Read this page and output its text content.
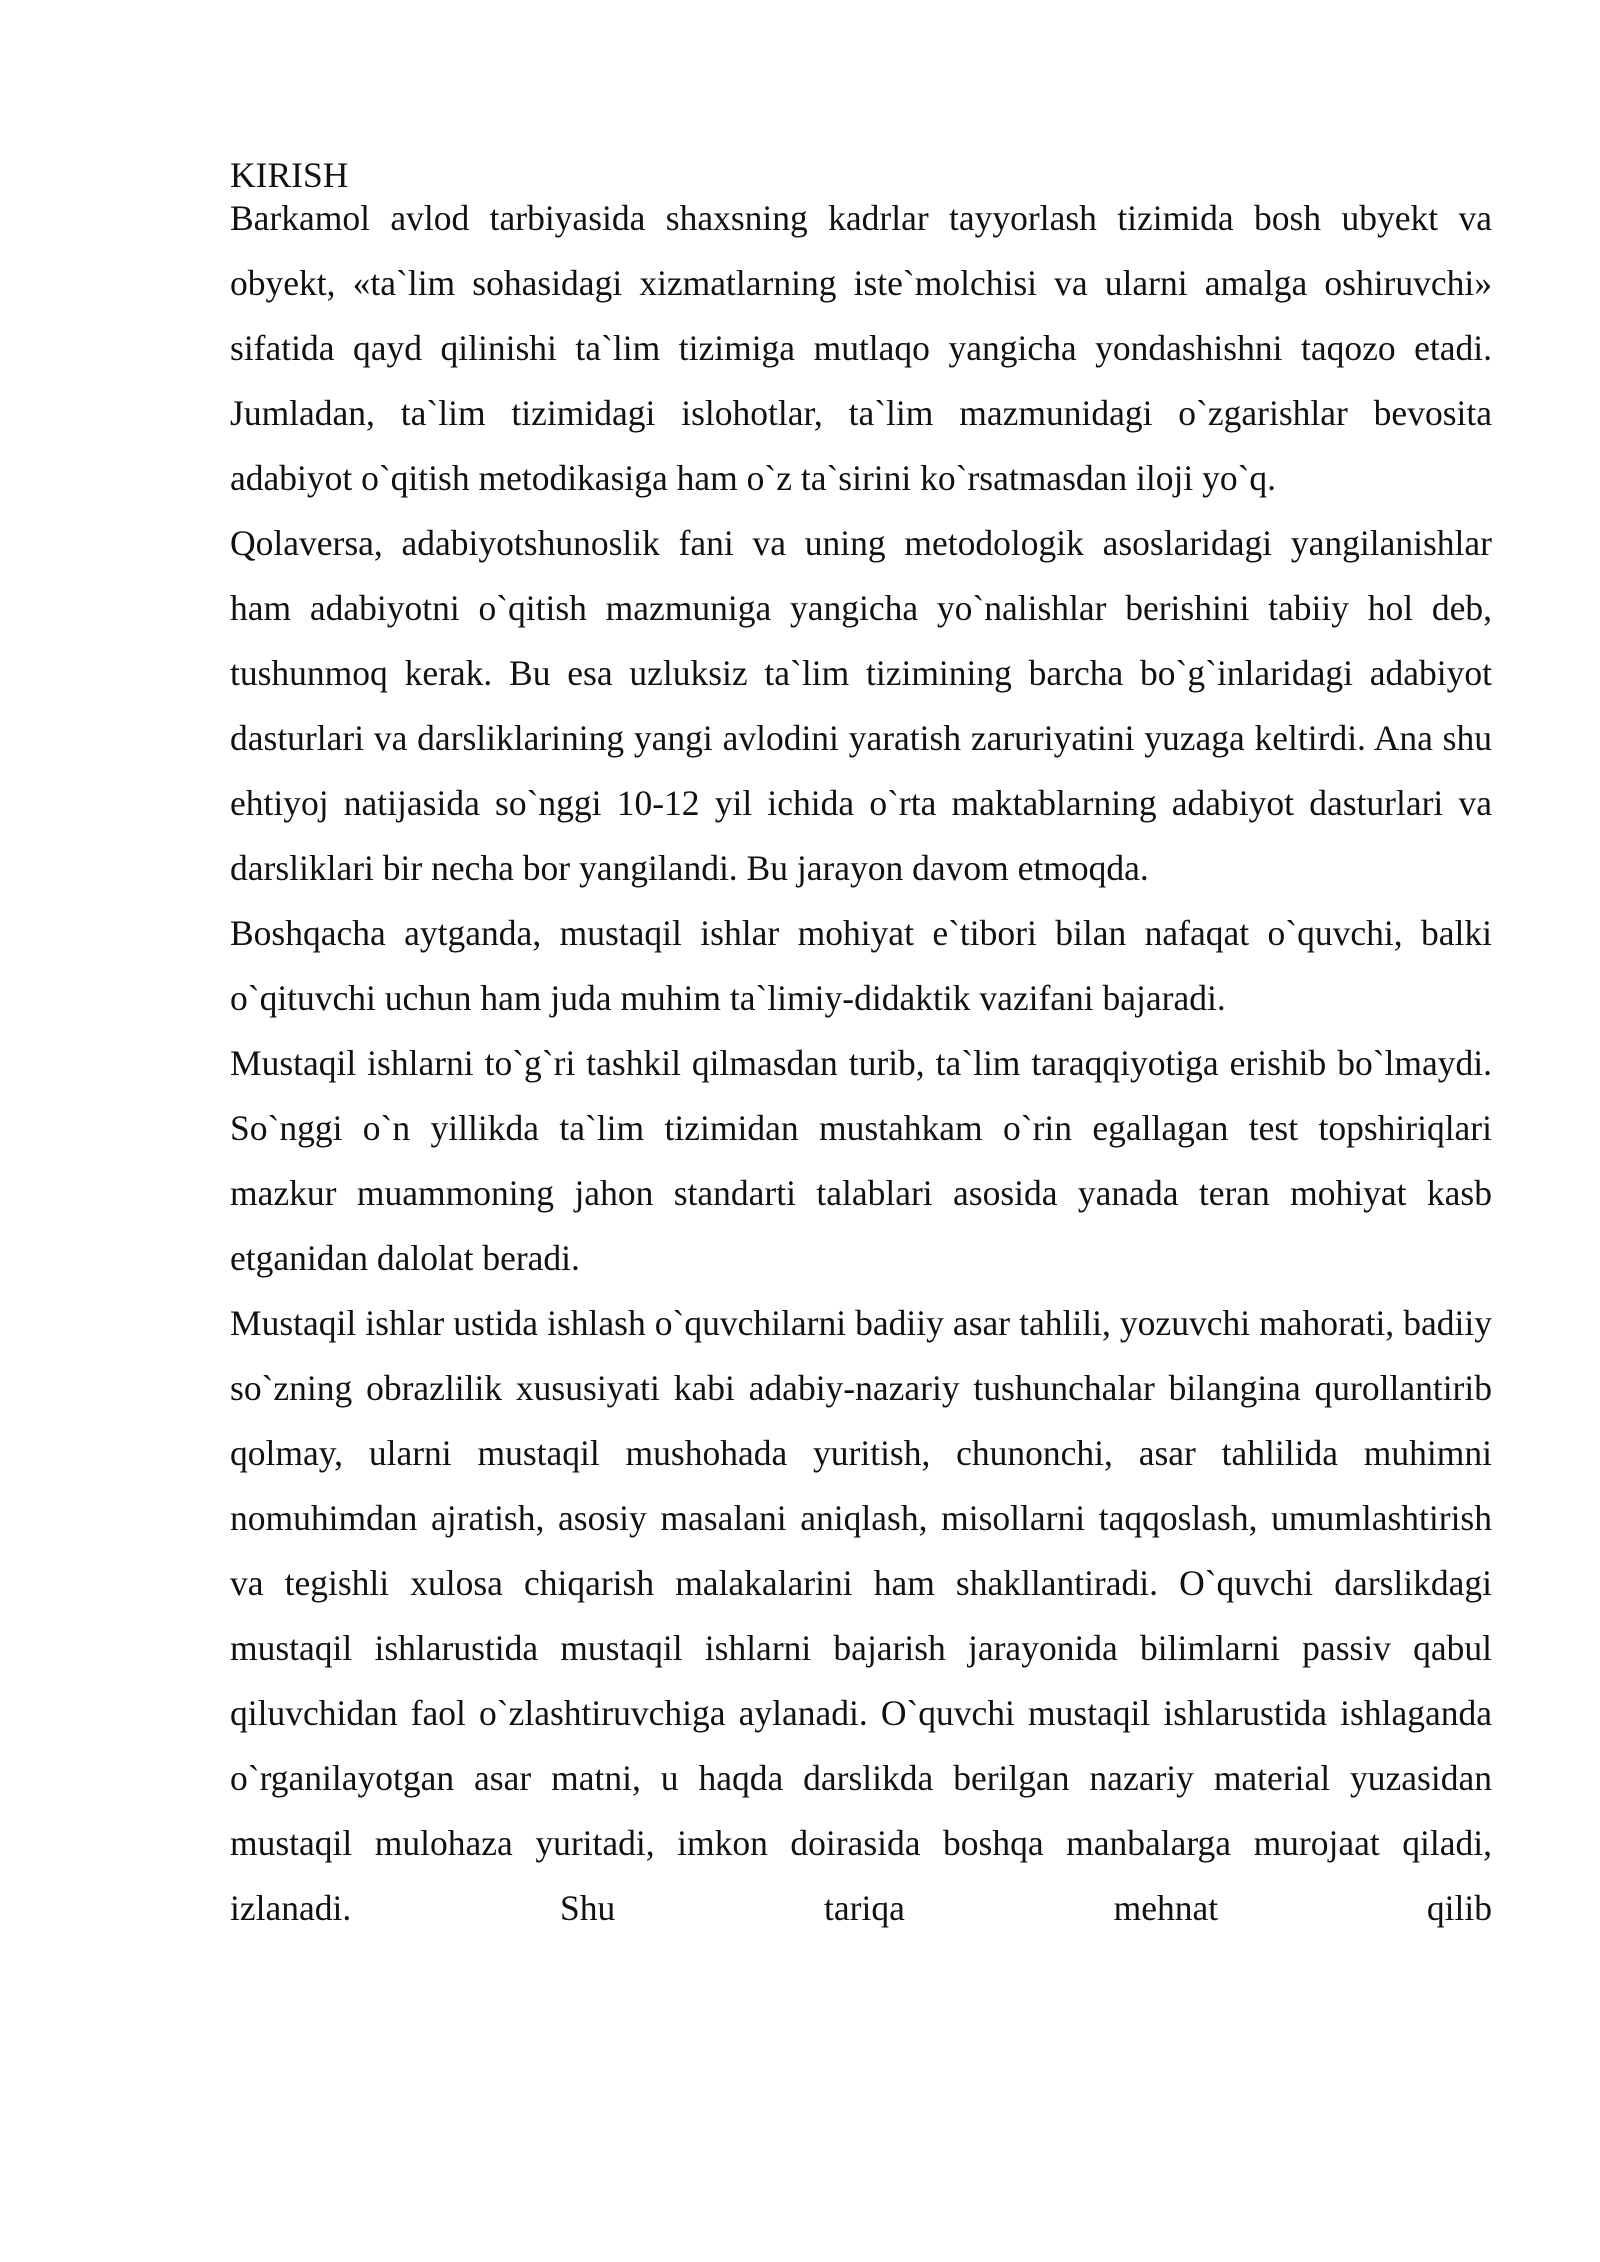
KIRISH

Barkamol avlod tarbiyasida shaxsning kadrlar tayyorlash tizimida bosh ubyekt va obyekt, «ta`lim sohasidagi xizmatlarning iste`molchisi va ularni amalga oshiruvchi» sifatida qayd qilinishi ta`lim tizimiga mutlaqo yangicha yondashishni taqozo etadi. Jumladan, ta`lim tizimidagi islohotlar, ta`lim mazmunidagi o`zgarishlar bevosita adabiyot o`qitish metodikasiga ham o`z ta`sirini ko`rsatmasdan iloji yo`q.

Qolaversa, adabiyotshunoslik fani va uning metodologik asoslaridagi yangilanishlar ham adabiyotni o`qitish mazmuniga yangicha yo`nalishlar berishini tabiiy hol deb, tushunmoq kerak. Bu esa uzluksiz ta`lim tizimining barcha bo`g`inlaridagi adabiyot dasturlari va darsliklarining yangi avlodini yaratish zaruriyatini yuzaga keltirdi. Ana shu ehtiyoj natijasida so`nggi 10-12 yil ichida o`rta maktablarning adabiyot dasturlari va darsliklari bir necha bor yangilandi. Bu jarayon davom etmoqda.

Boshqacha aytganda, mustaqil ishlar mohiyat e`tibori bilan nafaqat o`quvchi, balki o`qituvchi uchun ham juda muhim ta`limiy-didaktik vazifani bajaradi.

Mustaqil ishlarni to`g`ri tashkil qilmasdan turib, ta`lim taraqqiyotiga erishib bo`lmaydi. So`nggi o`n yillikda ta`lim tizimidan mustahkam o`rin egallagan test topshiriqlari mazkur muammoning jahon standarti talablari asosida yanada teran mohiyat kasb etganidan dalolat beradi.

Mustaqil ishlar ustida ishlash o`quvchilarni badiiy asar tahlili, yozuvchi mahorati, badiiy so`zning obrazlilik xususiyati kabi adabiy-nazariy tushunchalar bilangina qurollantirib qolmay, ularni mustaqil mushohada yuritish, chunonchi, asar tahlilida muhimni nomuhimdan ajratish, asosiy masalani aniqlash, misollarni taqqoslash, umumlashtirish va tegishli xulosa chiqarish malakalarini ham shakllantiradi. O`quvchi darslikdagi mustaqil ishlarustida mustaqil ishlarni bajarish jarayonida bilimlarni passiv qabul qiluvchidan faol o`zlashtiruvchiga aylanadi. O`quvchi mustaqil ishlarustida ishlaganda o`rganilayotgan asar matni, u haqda darslikda berilgan nazariy material yuzasidan mustaqil mulohaza yuritadi, imkon doirasida boshqa manbalarga murojaat qiladi, izlanadi. Shu tariqa mehnat qilib
